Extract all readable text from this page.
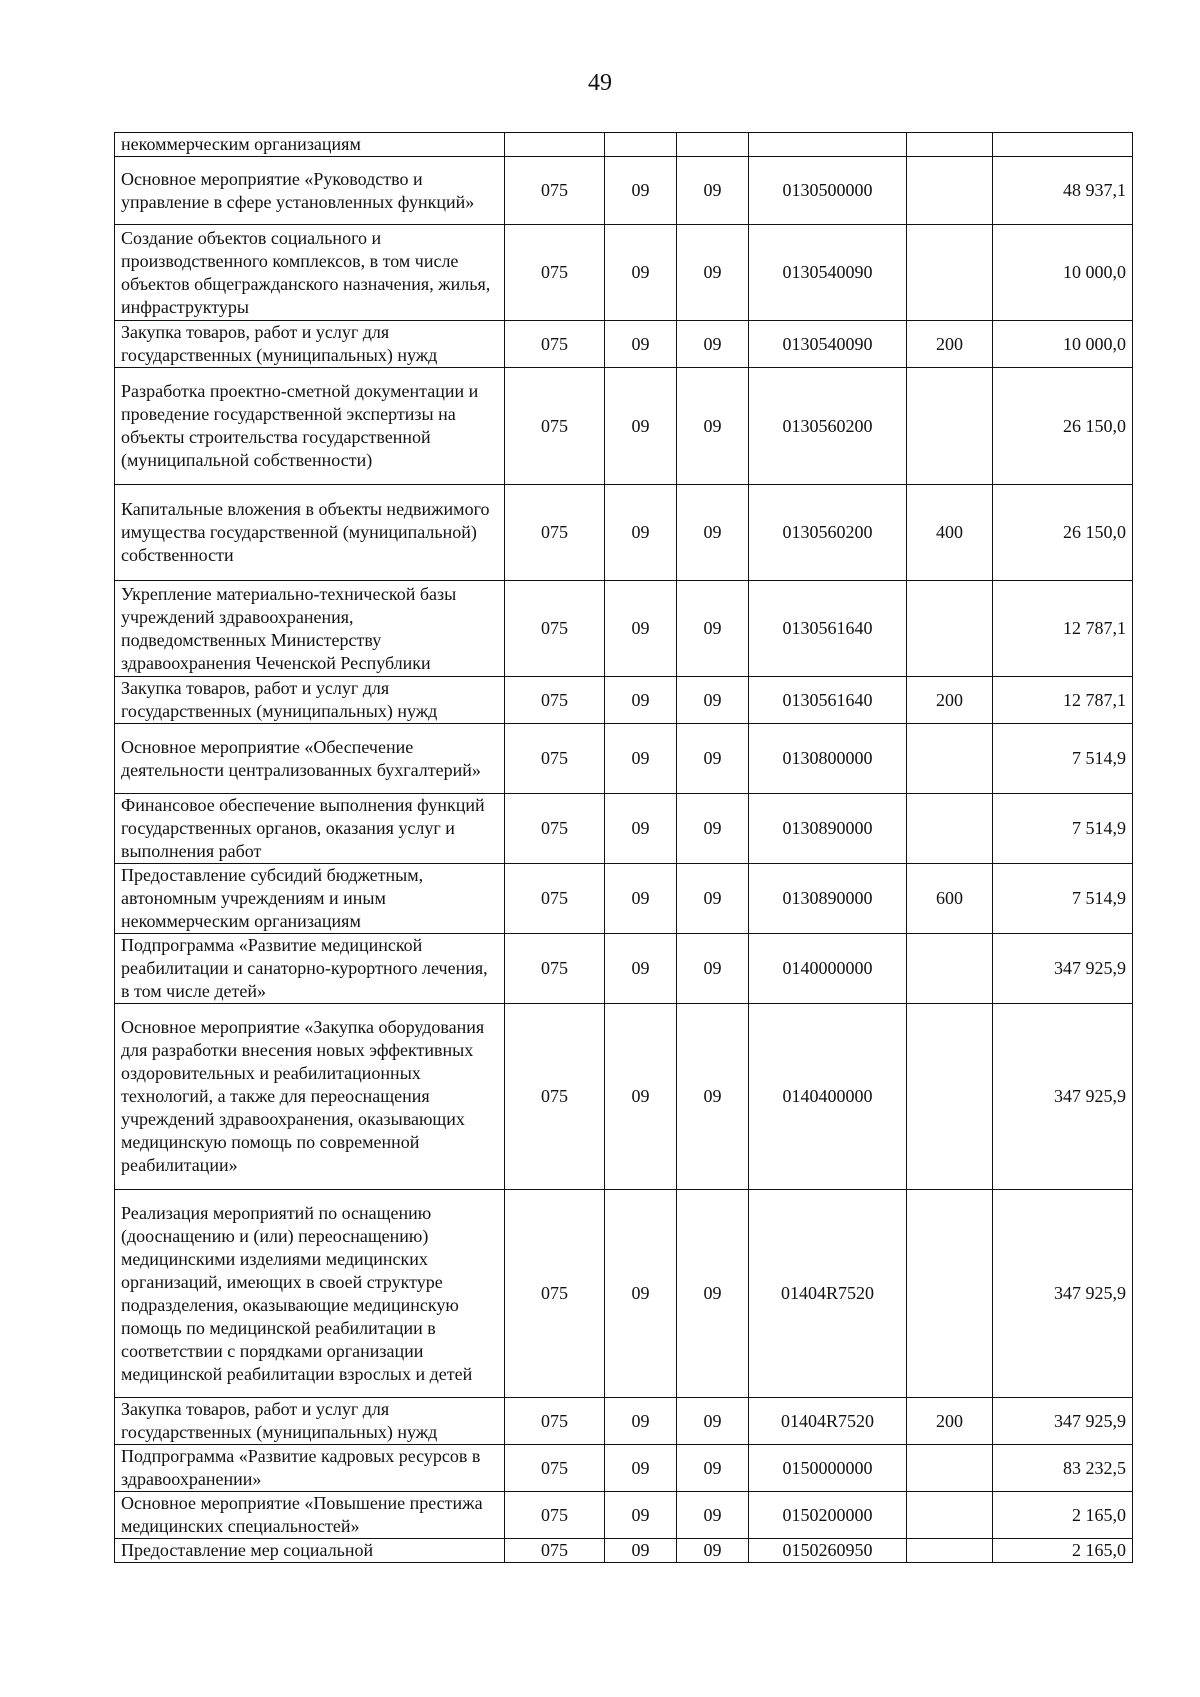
49
некоммерческим организациям						
Основное мероприятие «Руководство и управление в сфере установленных функций»	075	09	09	0130500000		48 937,1
Создание объектов социального и производственного комплексов, в том числе объектов общегражданского назначения, жилья, инфраструктуры	075	09	09	0130540090		10 000,0
Закупка товаров, работ и услуг для государственных (муниципальных) нужд	075	09	09	0130540090	200	10 000,0
Разработка проектно-сметной документации и проведение государственной экспертизы на объекты строительства государственной (муниципальной собственности)	075	09	09	0130560200		26 150,0
Капитальные вложения в объекты недвижимого имущества государственной (муниципальной) собственности	075	09	09	0130560200	400	26 150,0
Укрепление материально-технической базы учреждений здравоохранения, подведомственных Министерству здравоохранения Чеченской Республики	075	09	09	0130561640		12 787,1
Закупка товаров, работ и услуг для государственных (муниципальных) нужд	075	09	09	0130561640	200	12 787,1
Основное мероприятие «Обеспечение деятельности централизованных бухгалтерий»	075	09	09	0130800000		7 514,9
Финансовое обеспечение выполнения функций государственных органов, оказания услуг и выполнения работ	075	09	09	0130890000		7 514,9
Предоставление субсидий бюджетным, автономным учреждениям и иным некоммерческим организациям	075	09	09	0130890000	600	7 514,9
Подпрограмма «Развитие медицинской реабилитации и санаторно-курортного лечения, в том числе детей»	075	09	09	0140000000		347 925,9
Основное мероприятие «Закупка оборудования для разработки внесения новых эффективных оздоровительных и реабилитационных технологий, а также для переоснащения учреждений здравоохранения, оказывающих медицинскую помощь по современной реабилитации»	075	09	09	0140400000		347 925,9
Реализация мероприятий по оснащению (дооснащению и (или) переоснащению) медицинскими изделиями медицинских организаций, имеющих в своей структуре подразделения, оказывающие медицинскую помощь по медицинской реабилитации в соответствии с порядками организации медицинской реабилитации взрослых и детей	075	09	09	01404R7520		347 925,9
Закупка товаров, работ и услуг для государственных (муниципальных) нужд	075	09	09	01404R7520	200	347 925,9
Подпрограмма «Развитие кадровых ресурсов в здравоохранении»	075	09	09	0150000000		83 232,5
Основное мероприятие «Повышение престижа медицинских специальностей»	075	09	09	0150200000		2 165,0
Предоставление мер социальной	075	09	09	0150260950		2 165,0
